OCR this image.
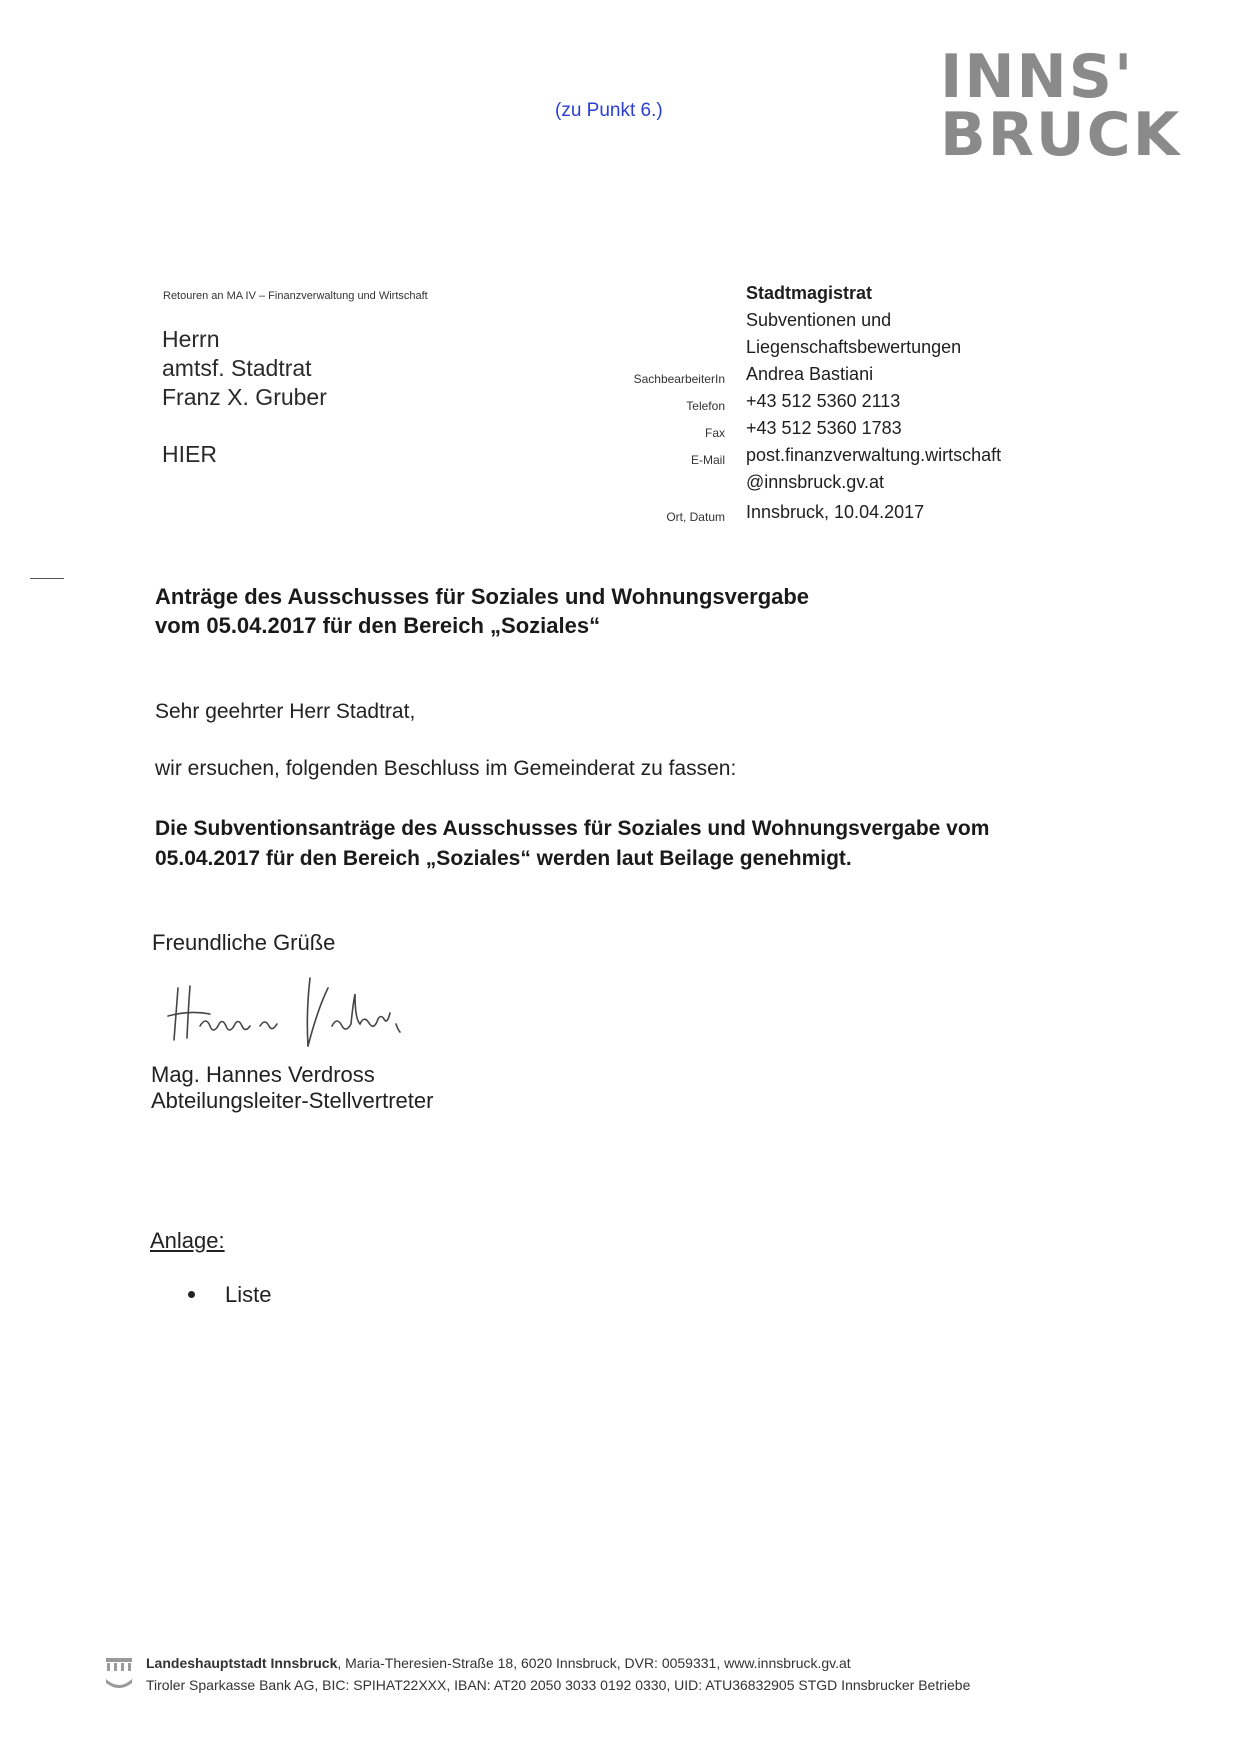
(zu Punkt 6.)	INNS'
BRUCK
Retouren an MA IV – Finanzverwaltung und Wirtschaft
Herrn
amtsf. Stadtrat
Franz X. Gruber
HIER
SachbearbeiterIn
Telefon
Fax
E-Mail
Ort, Datum
Stadtmagistrat
Subventionen und
Liegenschaftsbewertungen
Andrea Bastiani
+43 512 5360 2113
+43 512 5360 1783
post.finanzverwaltung.wirtschaft
@innsbruck.gv.at
Innsbruck, 10.04.2017
Anträge des Ausschusses für Soziales und Wohnungsvergabe
vom 05.04.2017 für den Bereich „Soziales“
Sehr geehrter Herr Stadtrat,
wir ersuchen, folgenden Beschluss im Gemeinderat zu fassen:
Die Subventionsanträge des Ausschusses für Soziales und Wohnungsvergabe vom
05.04.2017 für den Bereich „Soziales“ werden laut Beilage genehmigt.
Freundliche Grüße
Mag. Hannes Verdross
Abteilungsleiter-Stellvertreter
Anlage:
Liste
Landeshauptstadt Innsbruck, Maria-Theresien-Straße 18, 6020 Innsbruck, DVR: 0059331, www.innsbruck.gv.at
Tiroler Sparkasse Bank AG, BIC: SPIHAT22XXX, IBAN: AT20 2050 3033 0192 0330, UID: ATU36832905 STGD Innsbrucker Betriebe
